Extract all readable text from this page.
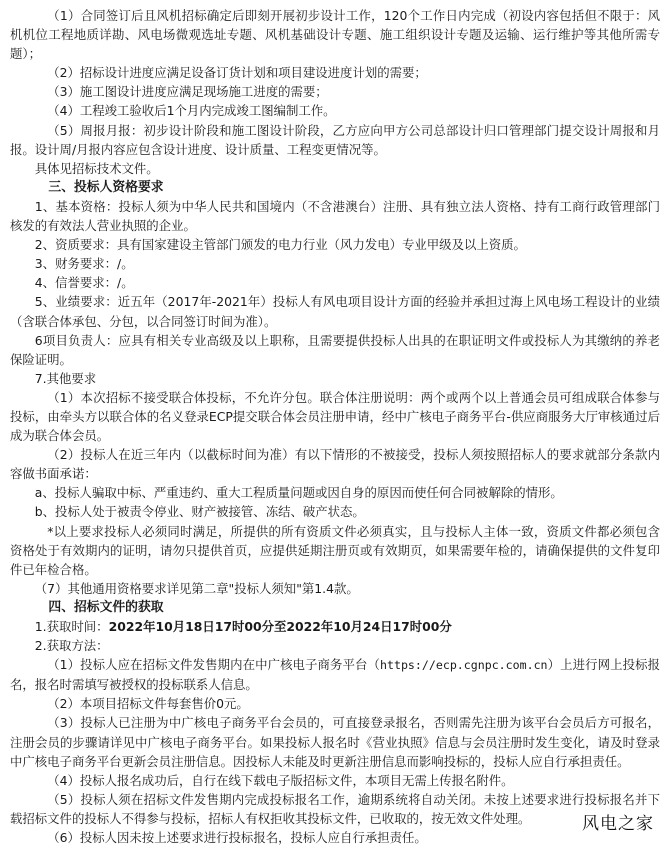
（1）合同签订后且风机招标确定后即刻开展初步设计工作，120个工作日内完成（初设内容包括但不限于：风机机位工程地质详勘、风电场微观选址专题、风机基础设计专题、施工组织设计专题及运输、运行维护等其他所需专题）；

（2）招标设计进度应满足设备订货计划和项目建设进度计划的需要；

（3）施工图设计进度应满足现场施工进度的需要；

（4）工程竣工验收后1个月内完成竣工图编制工作。

（5）周报月报：初步设计阶段和施工图设计阶段，乙方应向甲方公司总部设计归口管理部门提交设计周报和月报。设计周/月报内容应包含设计进度、设计质量、工程变更情况等。

具体见招标技术文件。

三、投标人资格要求

1、基本资格：投标人须为中华人民共和国境内（不含港澳台）注册、具有独立法人资格、持有工商行政管理部门核发的有效法人营业执照的企业。

2、资质要求：具有国家建设主管部门颁发的电力行业（风力发电）专业甲级及以上资质。

3、财务要求：/。

4、信誉要求：/。

5、业绩要求：近五年（2017年-2021年）投标人有风电项目设计方面的经验并承担过海上风电场工程设计的业绩（含联合体承包、分包，以合同签订时间为准）。

6项目负责人：应具有相关专业高级及以上职称，且需要提供投标人出具的在职证明文件或投标人为其缴纳的养老保险证明。

7.其他要求

（1）本次招标不接受联合体投标，不允许分包。联合体注册说明：两个或两个以上普通会员可组成联合体参与投标，由牵头方以联合体的名义登录ECP提交联合体会员注册申请，经中广核电子商务平台-供应商服务大厅审核通过后成为联合体会员。

（2）投标人在近三年内（以截标时间为准）有以下情形的不被接受，投标人须按照招标人的要求就部分条款内容做书面承诺：

a、投标人骗取中标、严重违约、重大工程质量问题或因自身的原因而使任何合同被解除的情形。

b、投标人处于被责令停业、财产被接管、冻结、破产状态。

*以上要求投标人必须同时满足，所提供的所有资质文件必须真实，且与投标人主体一致，资质文件都必须包含资格处于有效期内的证明，请勿只提供首页，应提供延期注册页或有效期页，如果需要年检的，请确保提供的文件复印件已年检合格。

（7）其他通用资格要求详见第二章"投标人须知"第1.4款。

四、招标文件的获取

1.获取时间：2022年10月18日17时00分至2022年10月24日17时00分

2.获取方法：

（1）投标人应在招标文件发售期内在中广核电子商务平台（https://ecp.cgnpc.com.cn）上进行网上投标报名，报名时需填写被授权的投标联系人信息。

（2）本项目招标文件每套售价0元。

（3）投标人已注册为中广核电子商务平台会员的，可直接登录报名，否则需先注册为该平台会员后方可报名，注册会员的步骤请详见中广核电子商务平台。如果投标人报名时《营业执照》信息与会员注册时发生变化，请及时登录中广核电子商务平台更新会员注册信息。因投标人未能及时更新注册信息而影响投标的，投标人应自行承担责任。

（4）投标人报名成功后，自行在线下载电子版招标文件，本项目无需上传报名附件。

（5）投标人须在招标文件发售期内完成投标报名工作，逾期系统将自动关闭。未按上述要求进行投标报名并下载招标文件的投标人不得参与投标，招标人有权拒收其投标文件，已收取的，按无效文件处理。

（6）投标人因未按上述要求进行投标报名，投标人应自行承担责任。

风电之家
